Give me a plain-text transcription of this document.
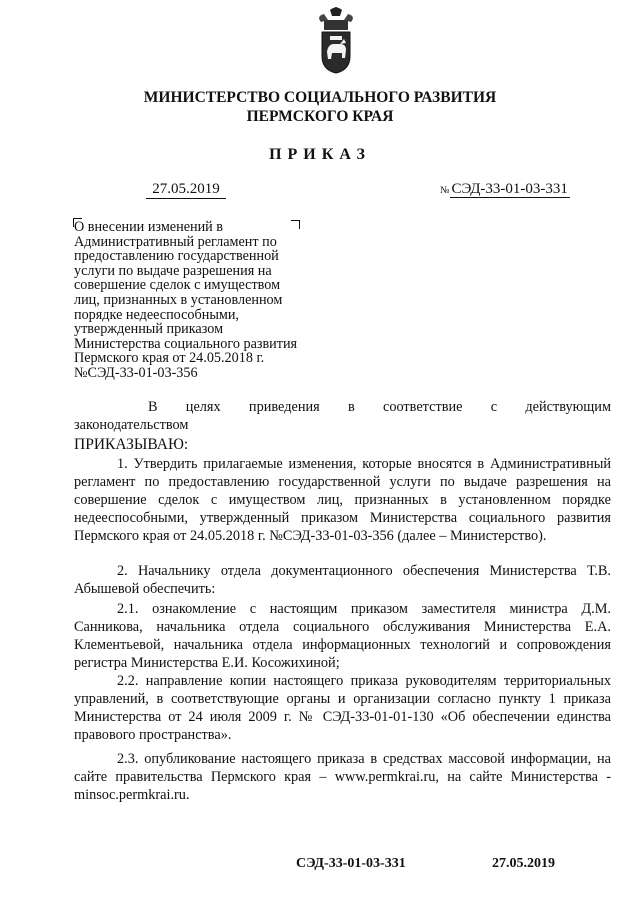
МИНИСТЕРСТВО СОЦИАЛЬНОГО РАЗВИТИЯ
ПЕРМСКОГО КРАЯ
ПРИКАЗ
27.05.2019	№ СЭД-33-01-03-331
О внесении изменений в Административный регламент по предоставлению государственной услуги по выдаче разрешения на совершение сделок с имуществом лиц, признанных в установленном порядке недееспособными, утвержденный приказом Министерства социального развития Пермского края от 24.05.2018 г. №СЭД-33-01-03-356
В целях приведения в соответствие с действующим законодательством
ПРИКАЗЫВАЮ:
1. Утвердить прилагаемые изменения, которые вносятся в Административный регламент по предоставлению государственной услуги по выдаче разрешения на совершение сделок с имуществом лиц, признанных в установленном порядке недееспособными, утвержденный приказом Министерства социального развития Пермского края от 24.05.2018 г. №СЭД-33-01-03-356 (далее – Министерство).
2. Начальнику отдела документационного обеспечения Министерства Т.В. Абышевой обеспечить:
2.1. ознакомление с настоящим приказом заместителя министра Д.М. Санникова, начальника отдела социального обслуживания Министерства Е.А. Клементьевой, начальника отдела информационных технологий и сопровождения регистра Министерства Е.И. Косожихиной;
2.2. направление копии настоящего приказа руководителям территориальных управлений, в соответствующие органы и организации согласно пункту 1 приказа Министерства от 24 июля 2009 г. № СЭД-33-01-01-130 «Об обеспечении единства правового пространства».
2.3. опубликование настоящего приказа в средствах массовой информации, на сайте правительства Пермского края – www.permkrai.ru, на сайте Министерства - minsoc.permkrai.ru.
СЭД-33-01-03-331	27.05.2019
